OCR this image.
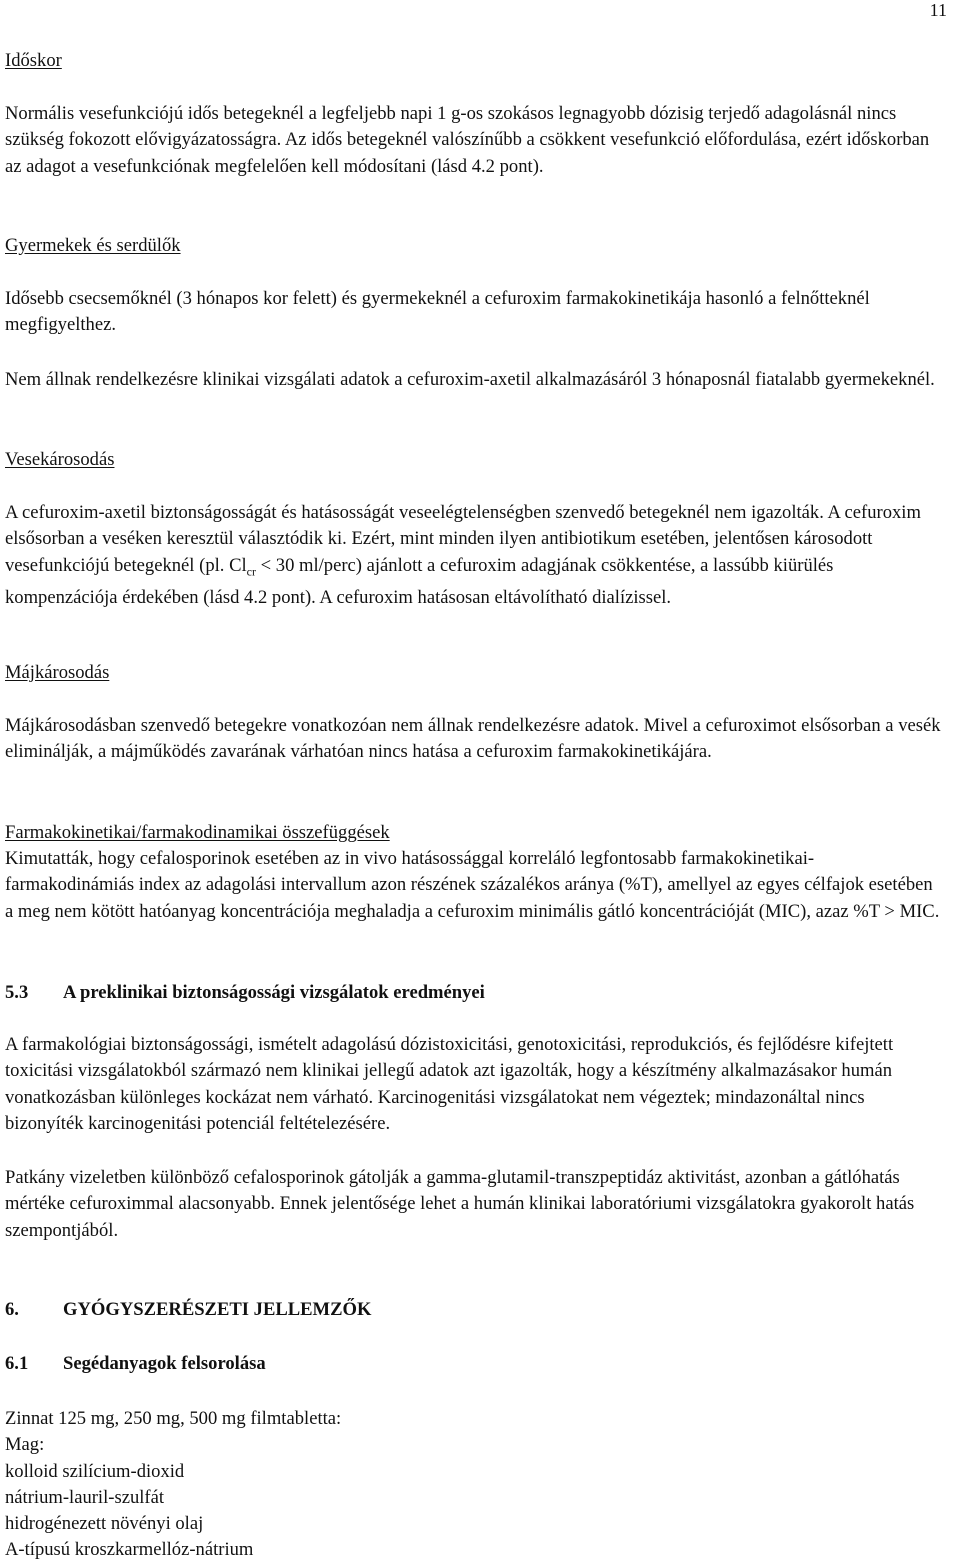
11
Időskor

Normális vesefunkciójú idős betegeknél a legfeljebb napi 1 g-os szokásos legnagyobb dózisig terjedő adagolásnál nincs szükség fokozott elővigyázatosságra. Az idős betegeknél valószínűbb a csökkent vesefunkció előfordulása, ezért időskorban az adagot a vesefunkciónak megfelelően kell módosítani (lásd 4.2 pont).

Gyermekek és serdülők

Idősebb csecsemőknél (3 hónapos kor felett) és gyermekeknél a cefuroxim farmakokinetikája hasonló a felnőtteknél megfigyelthez.

Nem állnak rendelkezésre klinikai vizsgálati adatok a cefuroxim-axetil alkalmazásáról 3 hónaposnál fiatalabb gyermekeknél.

Vesekárosodás

A cefuroxim-axetil biztonságosságát és hatásosságát veseelégtelenségben szenvedő betegeknél nem igazolták. A cefuroxim elsősorban a veséken keresztül választódik ki. Ezért, mint minden ilyen antibiotikum esetében, jelentősen károsodott vesefunkciójú betegeknél (pl. $Cl_{cr} < 30$ ml/perc) ajánlott a cefuroxim adagjának csökkentése, a lassúbb kiürülés kompenzációja érdekében (lásd 4.2 pont). A cefuroxim hatásosan eltávolítható dialízissel.

Májkárosodás

Májkárosodásban szenvedő betegekre vonatkozóan nem állnak rendelkezésre adatok. Mivel a cefuroximot elsősorban a vesék eliminálják, a májműködés zavarának várhatóan nincs hatása a cefuroxim farmakokinetikájára.

Farmakokinetikai/farmakodinamikai összefüggések

Kimutatták, hogy cefalosporinok esetében az in vivo hatásossággal korreláló legfontosabb farmakokinetikai-farmakodinámiás index az adagolási intervallum azon részének százalékos aránya (%T), amellyel az egyes célfajok esetében a meg nem kötött hatóanyag koncentrációja meghaladja a cefuroxim minimális gátló koncentrációját (MIC), azaz %T > MIC.

5.3 A preklinikai biztonságossági vizsgálatok eredményei

A farmakológiai biztonságossági, ismételt adagolású dózistoxicitási, genotoxicitási, reprodukciós, és fejlődésre kifejtett toxicitási vizsgálatokból származó nem klinikai jellegű adatok azt igazolták, hogy a készítmény alkalmazásakor humán vonatkozásban különleges kockázat nem várható. Karcinogenitási vizsgálatokat nem végeztek; mindazonáltal nincs bizonyíték karcinogenitási potenciál feltételezésére.

Patkány vizeletben különböző cefalosporinok gátolják a gamma-glutamil-transzpeptidáz aktivitást, azonban a gátlóhatás mértéke cefuroximmal alacsonyabb. Ennek jelentősége lehet a humán klinikai laboratóriumi vizsgálatokra gyakorolt hatás szempontjából.

6. GYÓGYSZERÉSZETI JELLEMZŐK
6.1 Segédanyagok felsorolása
Zinnat 125 mg, 250 mg, 500 mg filmtabletta:
Mag:
kolloid szilícium-dioxid
nátrium-lauril-szulfát
hidrogénezett növényi olaj
A-típusú kroszkarmellóz-nátrium
